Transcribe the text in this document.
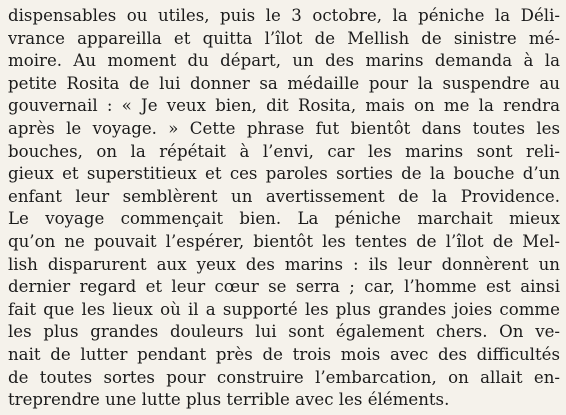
dispensables ou utiles, puis le 3 octobre, la péniche la Déli-
vrance appareilla et quitta l’îlot de Mellish de sinistre mé-
moire. Au moment du départ, un des marins demanda à la
petite Rosita de lui donner sa médaille pour la suspendre au
gouvernail : « Je veux bien, dit Rosita, mais on me la rendra
après le voyage. » Cette phrase fut bientôt dans toutes les
bouches, on la répétait à l’envi, car les marins sont reli-
gieux et superstitieux et ces paroles sorties de la bouche d’un
enfant leur semblèrent un avertissement de la Providence.
Le voyage commençait bien. La péniche marchait mieux
qu’on ne pouvait l’espérer, bientôt les tentes de l’îlot de Mel-
lish disparurent aux yeux des marins : ils leur donnèrent un
dernier regard et leur cœur se serra ; car, l’homme est ainsi
fait que les lieux où il a supporté les plus grandes joies comme
les plus grandes douleurs lui sont également chers. On ve-
nait de lutter pendant près de trois mois avec des difficultés
de toutes sortes pour construire l’embarcation, on allait en-
treprendre une lutte plus terrible avec les éléments.
